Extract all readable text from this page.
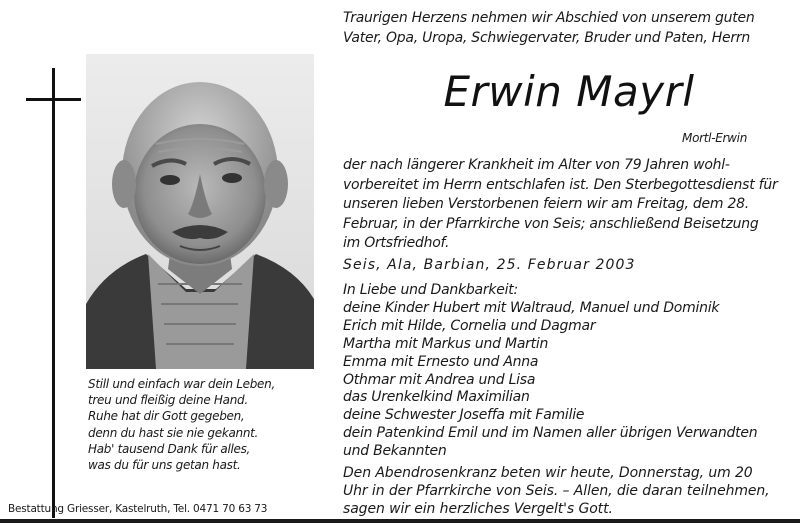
Still und einfach war dein Leben,
treu und fleißig deine Hand.
Ruhe hat dir Gott gegeben,
denn du hast sie nie gekannt.
Hab' tausend Dank für alles,
was du für uns getan hast.
Traurigen Herzens nehmen wir Abschied von unserem guten
Vater, Opa, Uropa, Schwiegervater, Bruder und Paten, Herrn
Erwin Mayrl
Mortl-Erwin
der nach längerer Krankheit im Alter von 79 Jahren wohl-
vorbereitet im Herrn entschlafen ist. Den Sterbegottesdienst für
unseren lieben Verstorbenen feiern wir am Freitag, dem 28.
Februar, in der Pfarrkirche von Seis; anschließend Beisetzung
im Ortsfriedhof.
Seis, Ala, Barbian, 25. Februar 2003
In Liebe und Dankbarkeit:
deine Kinder Hubert mit Waltraud, Manuel und Dominik
Erich mit Hilde, Cornelia und Dagmar
Martha mit Markus und Martin
Emma mit Ernesto und Anna
Othmar mit Andrea und Lisa
das Urenkelkind Maximilian
deine Schwester Joseffa mit Familie
dein Patenkind Emil und im Namen aller übrigen Verwandten
und Bekannten
Den Abendrosenkranz beten wir heute, Donnerstag, um 20
Uhr in der Pfarrkirche von Seis. – Allen, die daran teilnehmen,
sagen wir ein herzliches Vergelt's Gott.
Bestattung Griesser, Kastelruth, Tel. 0471 70 63 73
